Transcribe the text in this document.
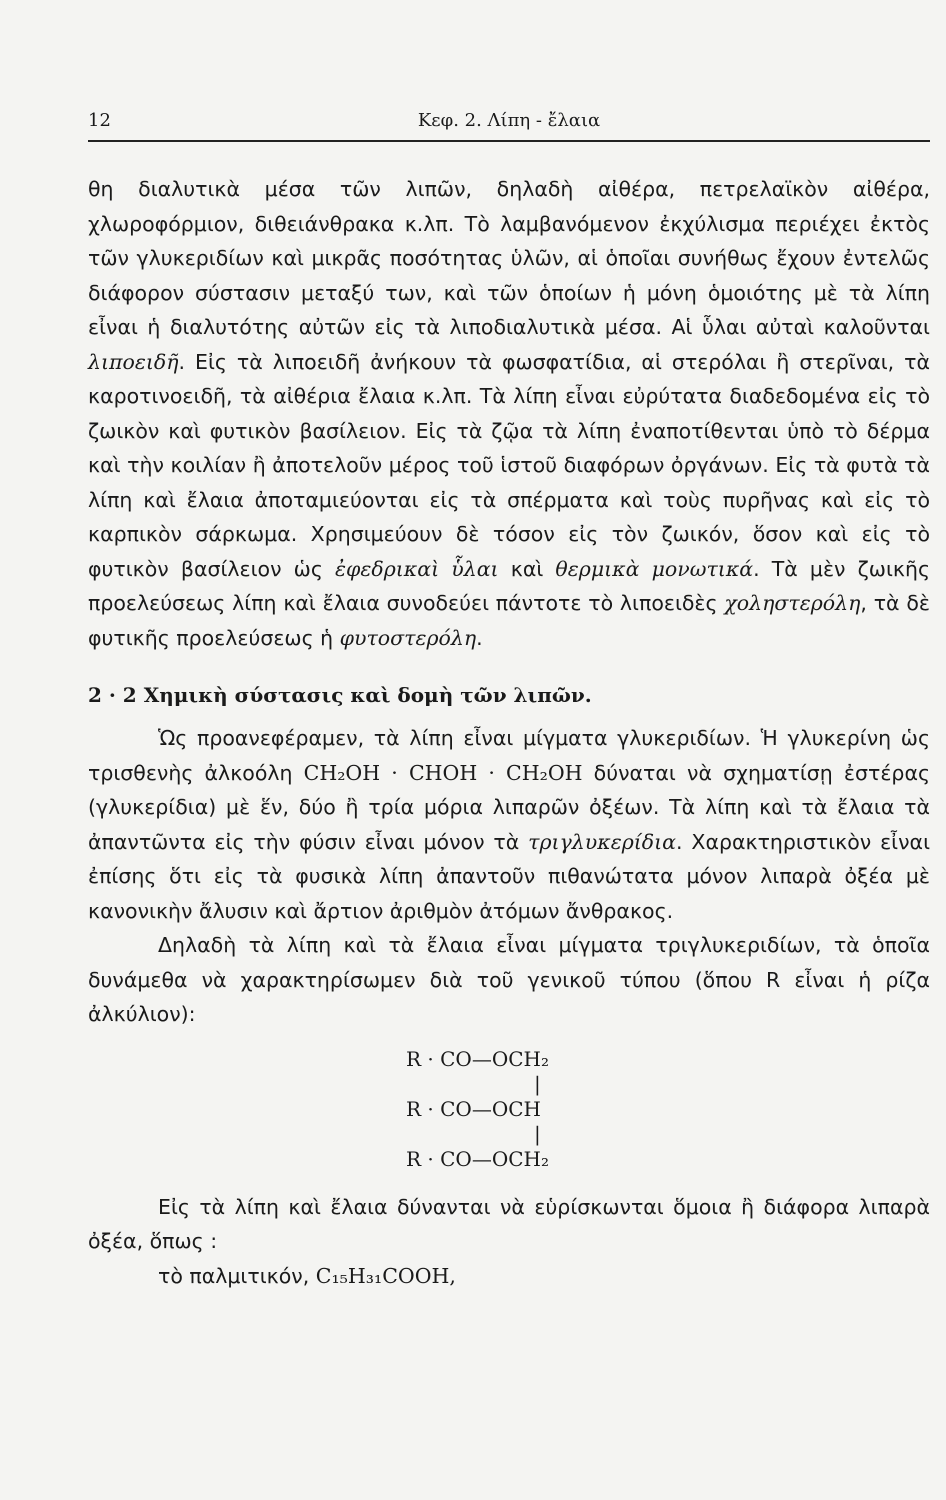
12	Κεφ. 2. Λίπη - ἔλαια

θη διαλυτικὰ μέσα τῶν λιπῶν, δηλαδὴ αἰθέρα, πετρελαϊκὸν αἰθέρα, χλωροφόρμιον, διθειάνθρακα κ.λπ. Τὸ λαμβανόμενον ἐκχύλισμα περιέχει ἐκτὸς τῶν γλυκεριδίων καὶ μικρᾶς ποσότητας ὑλῶν, αἱ ὁποῖαι συνήθως ἔχουν ἐντελῶς διάφορον σύστασιν μεταξύ των, καὶ τῶν ὁποίων ἡ μόνη ὁμοιότης μὲ τὰ λίπη εἶναι ἡ διαλυτότης αὐτῶν εἰς τὰ λιποδιαλυτικὰ μέσα. Αἱ ὗλαι αὐταὶ καλοῦνται λιποειδῆ. Εἰς τὰ λιποειδῆ ἀνήκουν τὰ φωσφατίδια, αἱ στερόλαι ἢ στερῖναι, τὰ καροτινοειδῆ, τὰ αἰθέρια ἔλαια κ.λπ. Τὰ λίπη εἶναι εὐρύτατα διαδεδομένα εἰς τὸ ζωικὸν καὶ φυτικὸν βασίλειον. Εἰς τὰ ζῷα τὰ λίπη ἐναποτίθενται ὑπὸ τὸ δέρμα καὶ τὴν κοιλίαν ἢ ἀποτελοῦν μέρος τοῦ ἱστοῦ διαφόρων ὀργάνων. Εἰς τὰ φυτὰ τὰ λίπη καὶ ἔλαια ἀποταμιεύονται εἰς τὰ σπέρματα καὶ τοὺς πυρῆνας καὶ εἰς τὸ καρπικὸν σάρκωμα. Χρησιμεύουν δὲ τόσον εἰς τὸν ζωικόν, ὅσον καὶ εἰς τὸ φυτικὸν βασίλειον ὡς ἐφεδρικαὶ ὗλαι καὶ θερμικὰ μονωτικά. Τὰ μὲν ζωικῆς προελεύσεως λίπη καὶ ἔλαια συνοδεύει πάντοτε τὸ λιποειδὲς χοληστερόλη, τὰ δὲ φυτικῆς προελεύσεως ἡ φυτοστερόλη.

2 · 2 Χημικὴ σύστασις καὶ δομὴ τῶν λιπῶν.

Ὡς προανεφέραμεν, τὰ λίπη εἶναι μίγματα γλυκεριδίων. Ἡ γλυκερίνη ὡς τρισθενὴς ἀλκοόλη CH₂OH · CHOH · CH₂OH δύναται νὰ σχηματίσῃ ἐστέρας (γλυκερίδια) μὲ ἕν, δύο ἢ τρία μόρια λιπαρῶν ὀξέων. Τὰ λίπη καὶ τὰ ἔλαια τὰ ἀπαντῶντα εἰς τὴν φύσιν εἶναι μόνον τὰ τριγλυκερίδια. Χαρακτηριστικὸν εἶναι ἐπίσης ὅτι εἰς τὰ φυσικὰ λίπη ἀπαντοῦν πιθανώτατα μόνον λιπαρὰ ὀξέα μὲ κανονικὴν ἄλυσιν καὶ ἄρτιον ἀριθμὸν ἀτόμων ἄνθρακος.

Δηλαδὴ τὰ λίπη καὶ τὰ ἔλαια εἶναι μίγματα τριγλυκεριδίων, τὰ ὁποῖα δυνάμεθα νὰ χαρακτηρίσωμεν διὰ τοῦ γενικοῦ τύπου (ὅπου R εἶναι ἡ ρίζα ἀλκύλιον):

R · CO—OCH₂
|
R · CO—OCH
|
R · CO—OCH₂

Εἰς τὰ λίπη καὶ ἔλαια δύνανται νὰ εὑρίσκωνται ὅμοια ἢ διάφορα λιπαρὰ ὀξέα, ὅπως :

τὸ παλμιτικόν, C₁₅H₃₁COOH,
